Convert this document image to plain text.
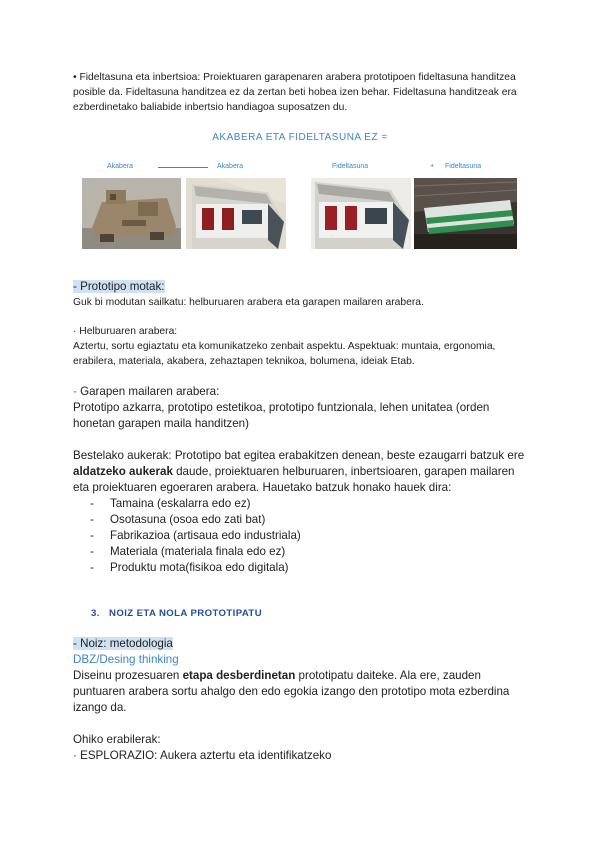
• Fideltasuna eta inbertsioa: Proiektuaren garapenaren arabera prototipoen fideltasuna handitzea posible da. Fideltasuna handitzea ez da zertan beti hobea izen behar. Fideltasuna handitzeak era ezberdinetako baliabide inbertsio handiagoa suposatzen du.

AKABERA ETA FIDELTASUNA EZ =
Akabera	Akabera	Fideltasuna	• Fideltasuna

- Prototipo motak:

Guk bi modutan sailkatu: helburuaren arabera eta garapen mailaren arabera.

· Helburuaren arabera:

Aztertu, sortu egiaztatu eta komunikatzeko zenbait aspektu. Aspektuak: muntaia, ergonomia, erabilera, materiala, akabera, zehaztapen teknikoa, bolumena, ideiak Etab.

· Garapen mailaren arabera:

Prototipo azkarra, prototipo estetikoa, prototipo funtzionala, lehen unitatea (orden honetan garapen maila handitzen)

Bestelako aukerak: Prototipo bat egitea erabakitzen denean, beste ezaugarri batzuk ere aldatzeko aukerak daude, proiektuaren helburuaren, inbertsioaren, garapen mailaren eta proiektuaren egoeraren arabera. Hauetako batzuk honako hauek dira:

- Tamaina (eskalarra edo ez)
- Osotasuna (osoa edo zati bat)
- Fabrikazioa (artisaua edo industriala)
- Materiala (materiala finala edo ez)
- Produktu mota(fisikoa edo digitala)
3. NOIZ ETA NOLA PROTOTIPATU

- Noiz: metodologia

DBZ/Desing thinking

Diseinu prozesuaren etapa desberdinetan prototipatu daiteke. Ala ere, zauden puntuaren arabera sortu ahalgo den edo egokia izango den prototipo mota ezberdina izango da.

Ohiko erabilerak:

· ESPLORAZIO: Aukera aztertu eta identifikatzeko
